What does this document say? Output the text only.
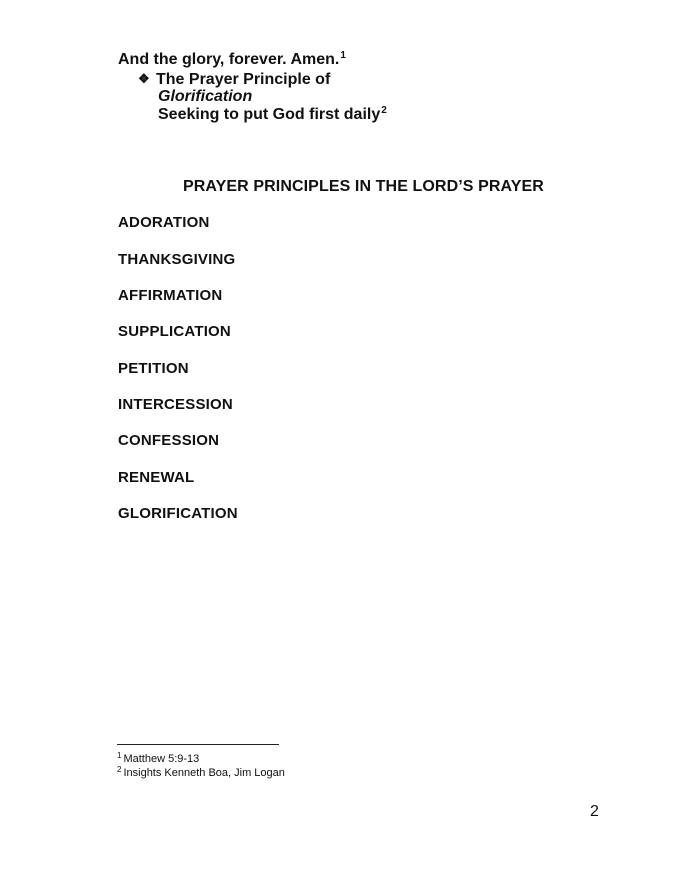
And the glory, forever. Amen.$^1$
❖ The Prayer Principle of
Glorification
Seeking to put God first daily$^2$
PRAYER PRINCIPLES IN THE LORD’S PRAYER
ADORATION
THANKSGIVING
AFFIRMATION
SUPPLICATION
PETITION
INTERCESSION
CONFESSION
RENEWAL
GLORIFICATION
$^1$ Matthew 5:9-13
$^2$ Insights Kenneth Boa, Jim Logan
2
